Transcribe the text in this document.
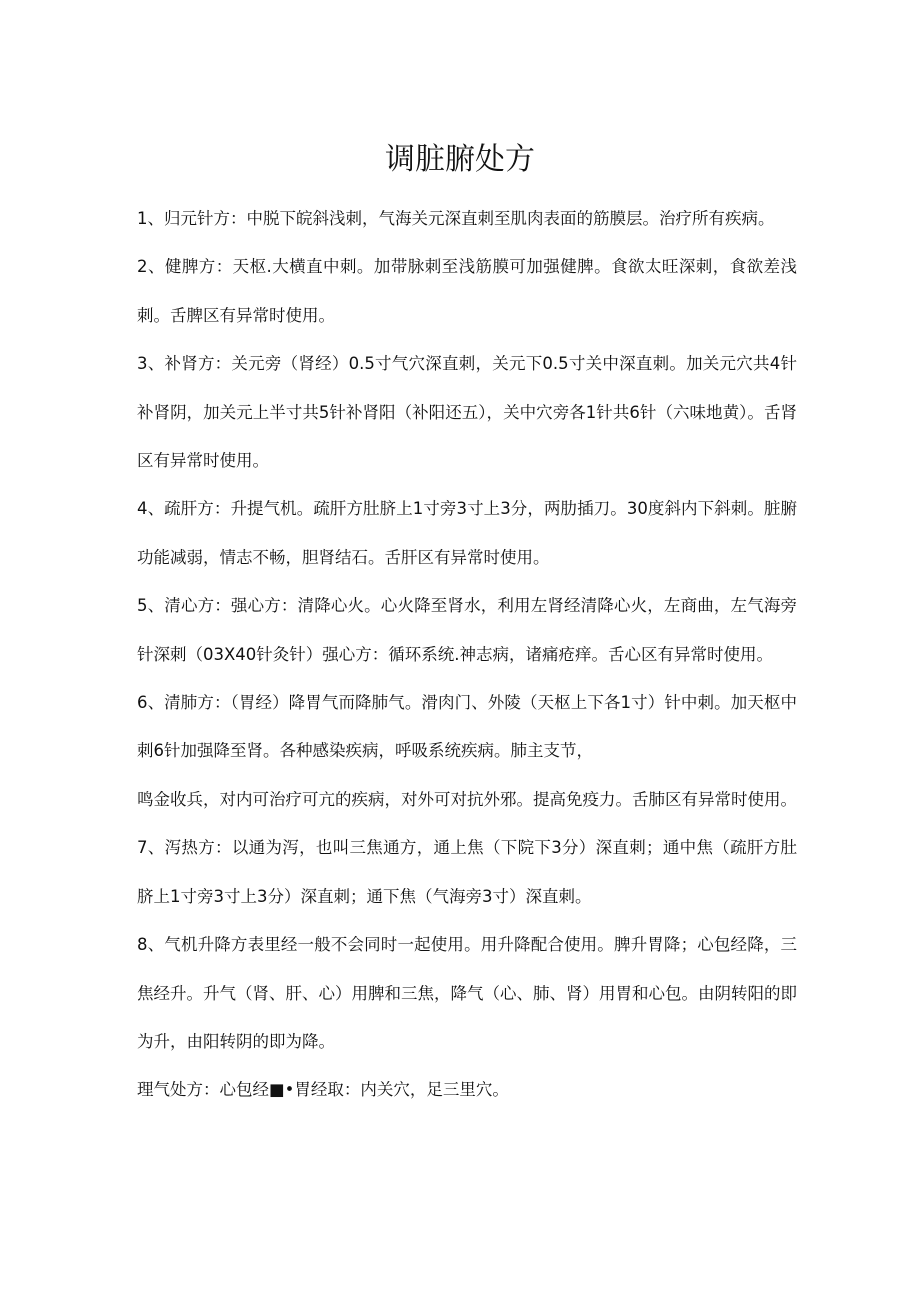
调脏腑处方

1、归元针方：中脱下皖斜浅刺，气海关元深直刺至肌肉表面的筋膜层。治疗所有疾病。

2、健脾方：天枢.大横直中刺。加带脉刺至浅筋膜可加强健脾。食欲太旺深刺，食欲差浅刺。舌脾区有异常时使用。

3、补肾方：关元旁（肾经）0.5寸气穴深直刺，关元下0.5寸关中深直刺。加关元穴共4针补肾阴，加关元上半寸共5针补肾阳（补阳还五），关中穴旁各1针共6针（六味地黄）。舌肾区有异常时使用。

4、疏肝方：升提气机。疏肝方肚脐上1寸旁3寸上3分，两肋插刀。30度斜内下斜刺。脏腑功能减弱，情志不畅，胆肾结石。舌肝区有异常时使用。

5、清心方：强心方：清降心火。心火降至肾水，利用左肾经清降心火，左商曲，左气海旁针深刺（03X40针灸针）强心方：循环系统.神志病，诸痛疮痒。舌心区有异常时使用。

6、清肺方：（胃经）降胃气而降肺气。滑肉门、外陵（天枢上下各1寸）针中刺。加天枢中刺6针加强降至肾。各种感染疾病，呼吸系统疾病。肺主支节，

鸣金收兵，对内可治疗可亢的疾病，对外可对抗外邪。提高免疫力。舌肺区有异常时使用。

7、泻热方：以通为泻，也叫三焦通方，通上焦（下院下3分）深直刺；通中焦（疏肝方肚脐上1寸旁3寸上3分）深直刺；通下焦（气海旁3寸）深直刺。

8、气机升降方表里经一般不会同时一起使用。用升降配合使用。脾升胃降；心包经降，三焦经升。升气（肾、肝、心）用脾和三焦，降气（心、肺、肾）用胃和心包。由阴转阳的即为升，由阳转阴的即为降。

理气处方：心包经■•胃经取：内关穴，足三里穴。
